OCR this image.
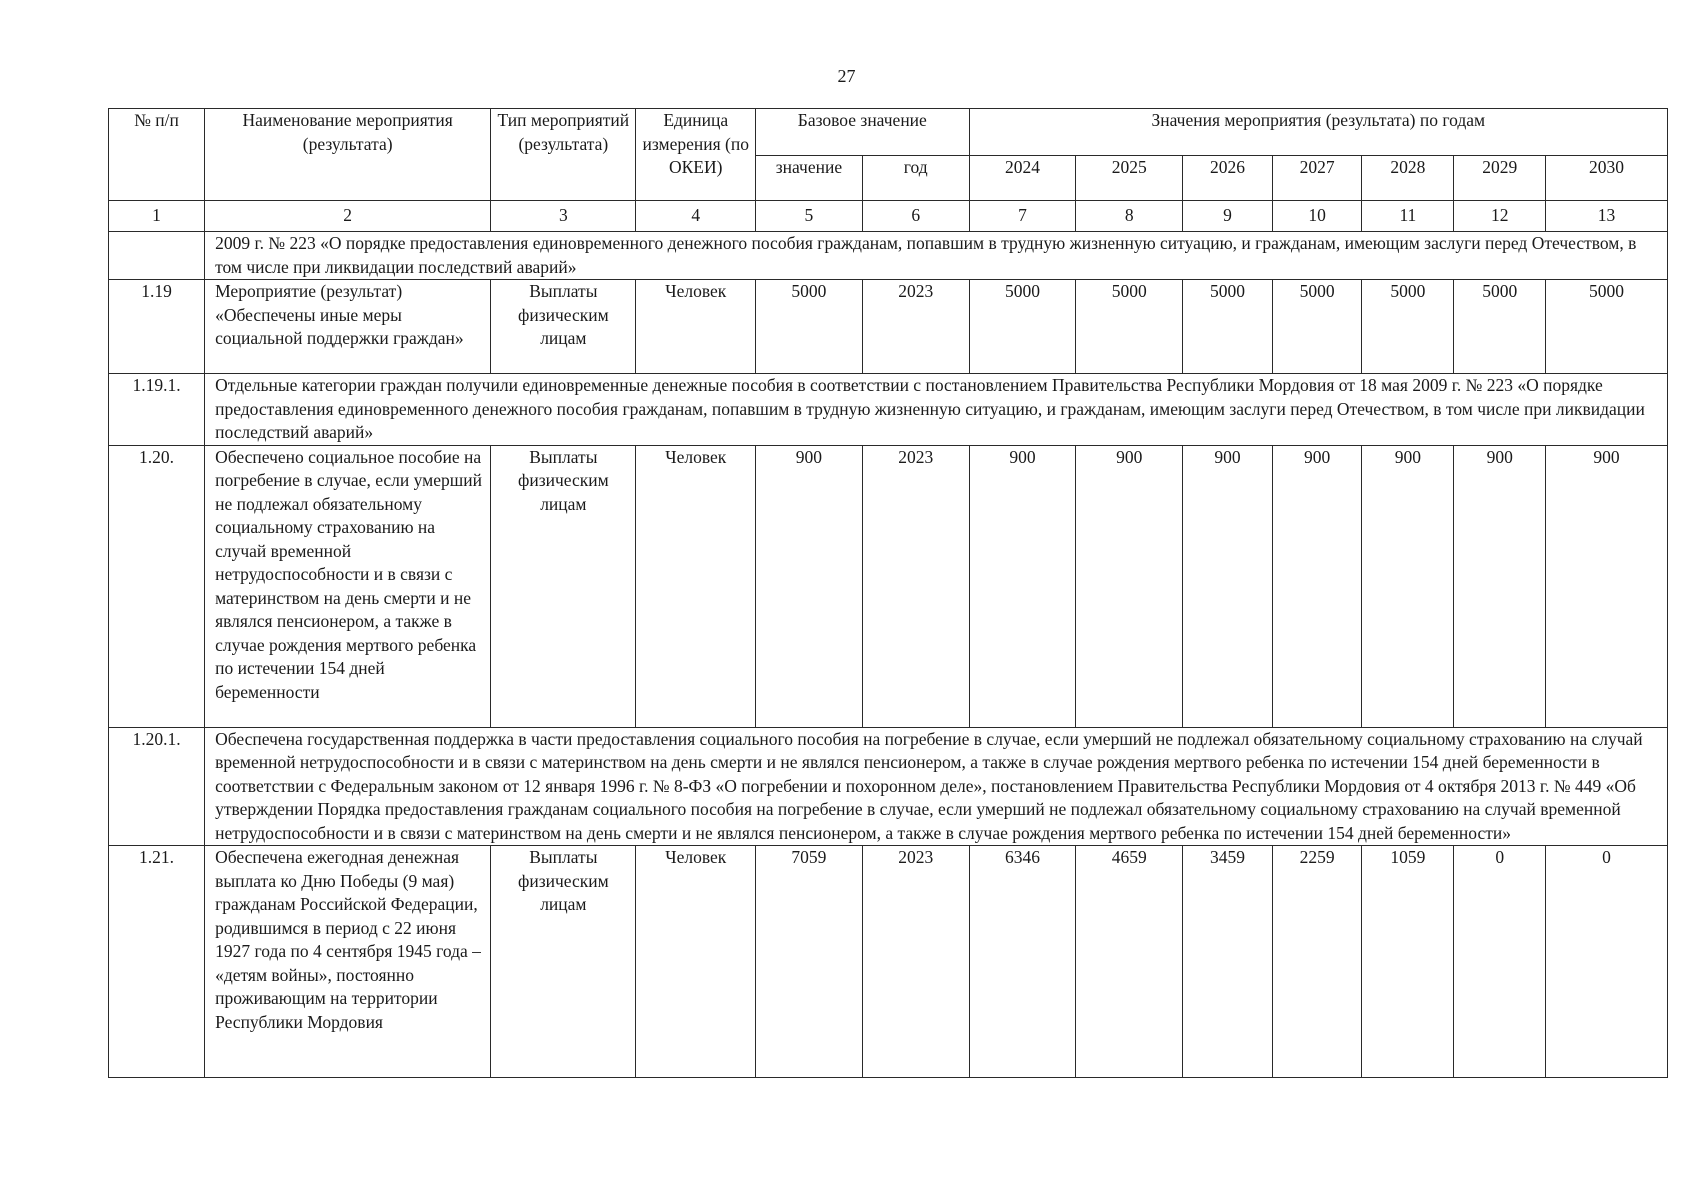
27
№ п/п	Наименование мероприятия (результата)	Тип мероприятий (результата)	Единица измерения (по ОКЕИ)	Базовое значение		Значения мероприятия (результата) по годам						
				значение	год	2024	2025	2026	2027	2028	2029	2030
1	2	3	4	5	6	7	8	9	10	11	12	13
	2009 г. № 223 «О порядке предоставления единовременного денежного пособия гражданам, попавшим в трудную жизненную ситуацию, и гражданам, имеющим заслуги перед Отечеством, в том числе при ликвидации последствий аварий»											
1.19	Мероприятие (результат) «Обеспечены иные меры социальной поддержки граждан»	Выплаты физическим лицам	Человек	5000	2023	5000	5000	5000	5000	5000	5000	5000
1.19.1.	Отдельные категории граждан получили единовременные денежные пособия в соответствии с постановлением Правительства Республики Мордовия от 18 мая 2009 г. № 223 «О порядке предоставления единовременного денежного пособия гражданам, попавшим в трудную жизненную ситуацию, и гражданам, имеющим заслуги перед Отечеством, в том числе при ликвидации последствий аварий»											
1.20.	Обеспечено социальное пособие на погребение в случае, если умерший не подлежал обязательному социальному страхованию на случай временной нетрудоспособности и в связи с материнством на день смерти и не являлся пенсионером, а также в случае рождения мертвого ребенка по истечении 154 дней беременности	Выплаты физическим лицам	Человек	900	2023	900	900	900	900	900	900	900
1.20.1.	Обеспечена государственная поддержка в части предоставления социального пособия на погребение в случае, если умерший не подлежал обязательному социальному страхованию на случай временной нетрудоспособности и в связи с материнством на день смерти и не являлся пенсионером, а также в случае рождения мертвого ребенка по истечении 154 дней беременности в соответствии с Федеральным законом от 12 января 1996 г. № 8-ФЗ «О погребении и похоронном деле», постановлением Правительства Республики Мордовия от 4 октября 2013 г. № 449 «Об утверждении Порядка предоставления гражданам социального пособия на погребение в случае, если умерший не подлежал обязательному социальному страхованию на случай временной нетрудоспособности и в связи с материнством на день смерти и не являлся пенсионером, а также в случае рождения мертвого ребенка по истечении 154 дней беременности»											
1.21.	Обеспечена ежегодная денежная выплата ко Дню Победы (9 мая) гражданам Российской Федерации, родившимся в период с 22 июня 1927 года по 4 сентября 1945 года – «детям войны», постоянно проживающим на территории Республики Мордовия	Выплаты физическим лицам	Человек	7059	2023	6346	4659	3459	2259	1059	0	0
